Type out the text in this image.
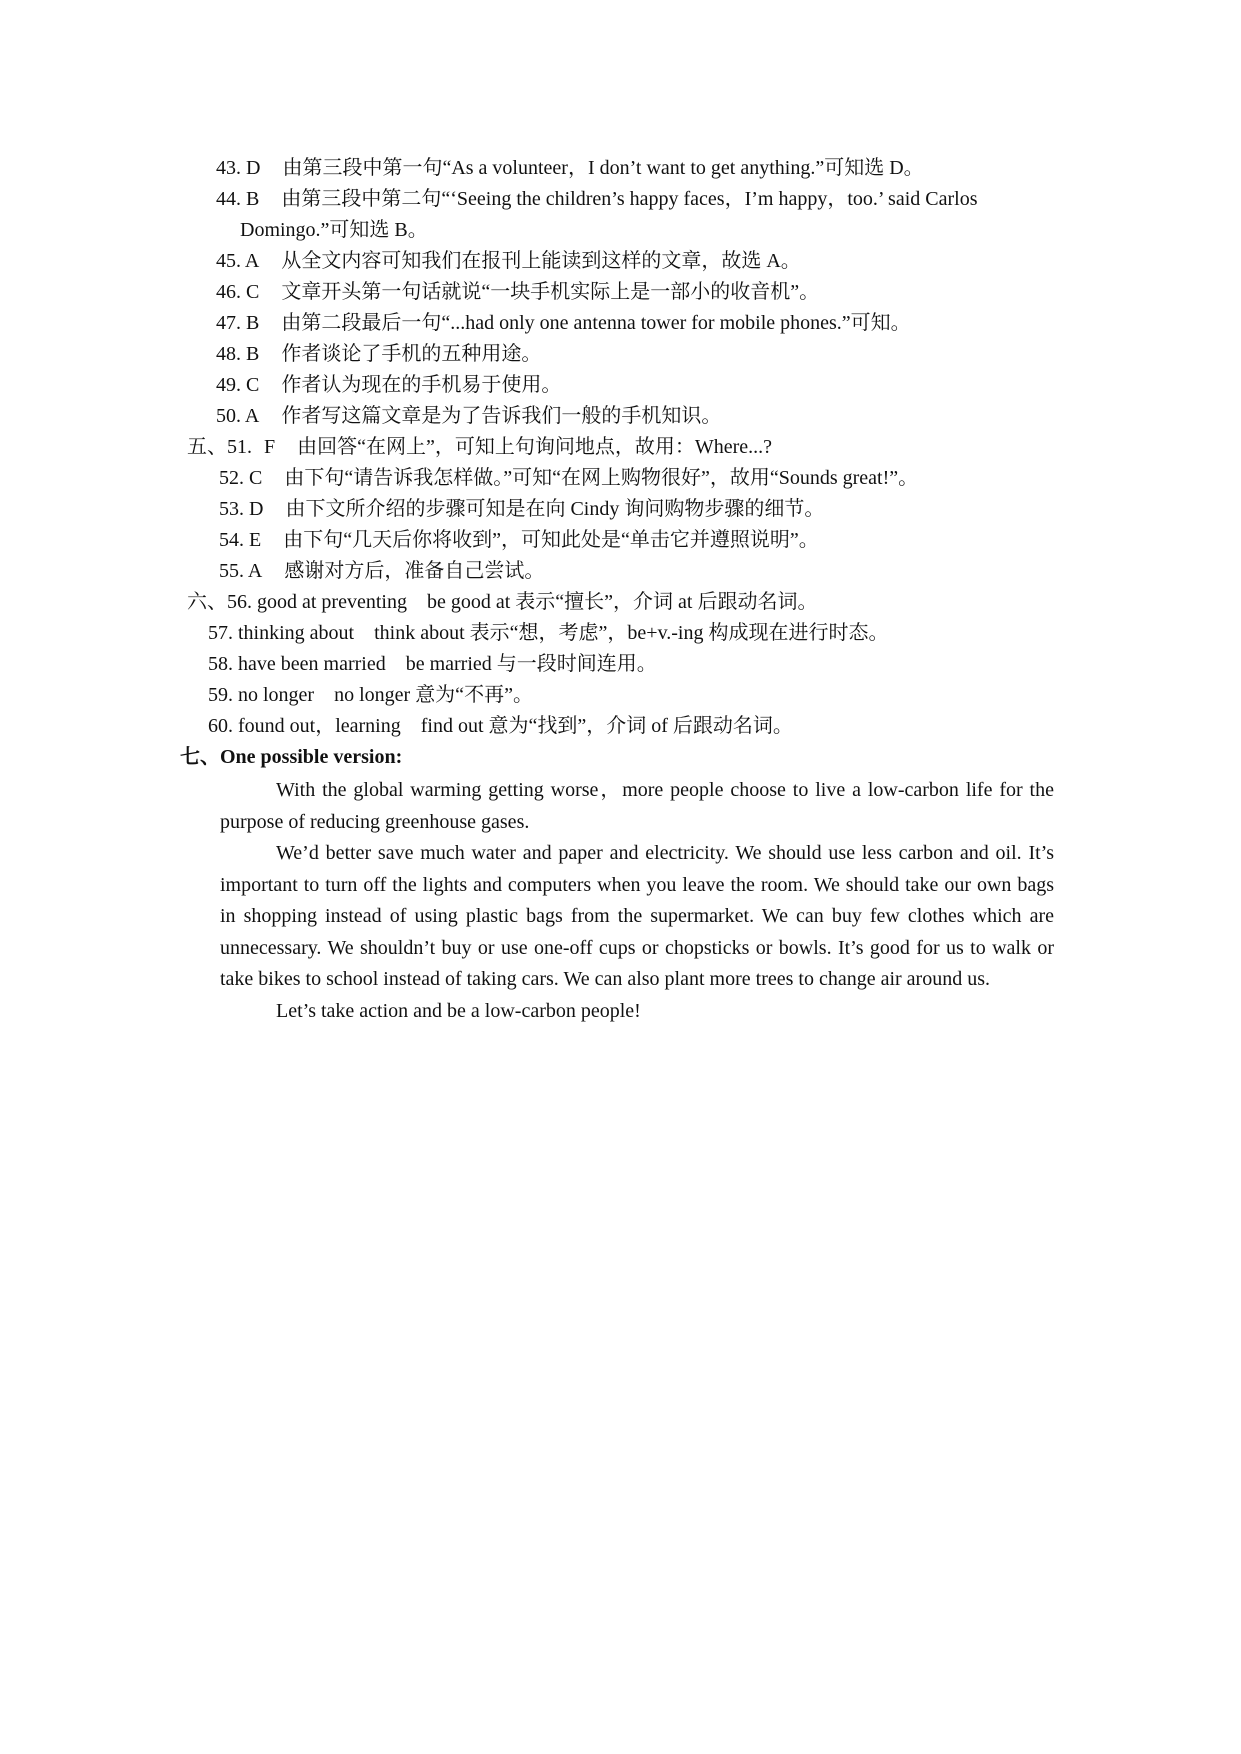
43. D 由第三段中第一句“As a volunteer，I don’t want to get anything.”可知选 D。
44. B 由第三段中第二句“‘Seeing the children’s happy faces，I’m happy，too.’ said Carlos
Domingo.”可知选 B。
45. A 从全文内容可知我们在报刊上能读到这样的文章，故选 A。
46. C 文章开头第一句话就说“一块手机实际上是一部小的收音机”。
47. B 由第二段最后一句“...had only one antenna tower for mobile phones.”可知。
48. B 作者谈论了手机的五种用途。
49. C 作者认为现在的手机易于使用。
50. A 作者写这篇文章是为了告诉我们一般的手机知识。
五、51. F 由回答“在网上”，可知上句询问地点，故用：Where...?
52. C 由下句“请告诉我怎样做。”可知“在网上购物很好”，故用“Sounds great!”。
53. D 由下文所介绍的步骤可知是在向 Cindy 询问购物步骤的细节。
54. E 由下句“几天后你将收到”，可知此处是“单击它并遵照说明”。
55. A 感谢对方后，准备自己尝试。
六、56. good at preventing be good at 表示“擅长”，介词 at 后跟动名词。
57. thinking about think about 表示“想，考虑”，be+v.-ing 构成现在进行时态。
58. have been married be married 与一段时间连用。
59. no longer no longer 意为“不再”。
60. found out，learning find out 意为“找到”，介词 of 后跟动名词。
七、One possible version:

With the global warming getting worse，more people choose to live a low-carbon life for the purpose of reducing greenhouse gases.

We’d better save much water and paper and electricity. We should use less carbon and oil. It’s important to turn off the lights and computers when you leave the room. We should take our own bags in shopping instead of using plastic bags from the supermarket. We can buy few clothes which are unnecessary. We shouldn’t buy or use one-off cups or chopsticks or bowls. It’s good for us to walk or take bikes to school instead of taking cars. We can also plant more trees to change air around us.

Let’s take action and be a low-carbon people!
